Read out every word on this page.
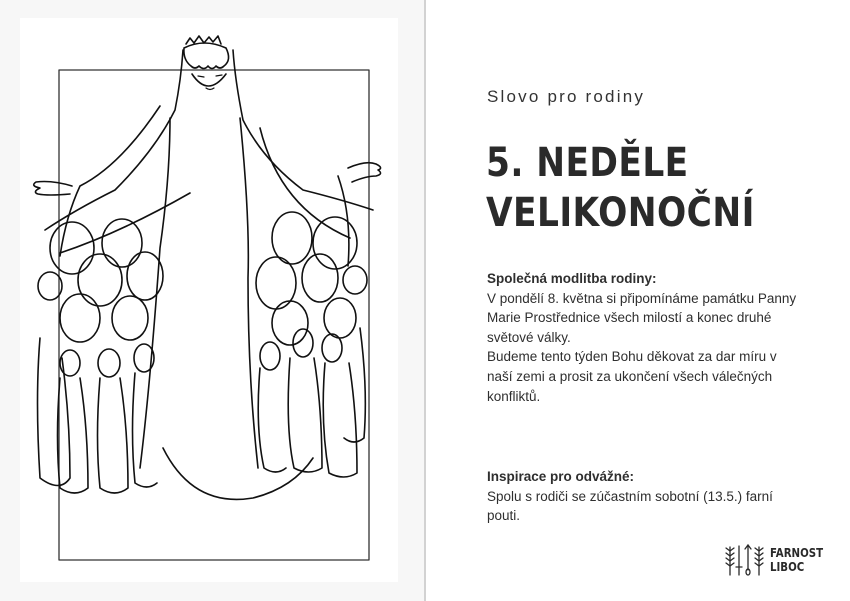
Slovo pro rodiny
5. NEDĚLE
VELIKONOČNÍ

Společná modlitba rodiny:

V pondělí 8. května si připomínáme památku Panny

Marie Prostřednice všech milostí a konec druhé

světové války.

Budeme tento týden Bohu děkovat za dar míru v

naší zemi a prosit za ukončení všech válečných

konfliktů.

Inspirace pro odvážné:

Spolu s rodiči se zúčastním sobotní (13.5.) farní

pouti.

FARNOST
LIBOC
